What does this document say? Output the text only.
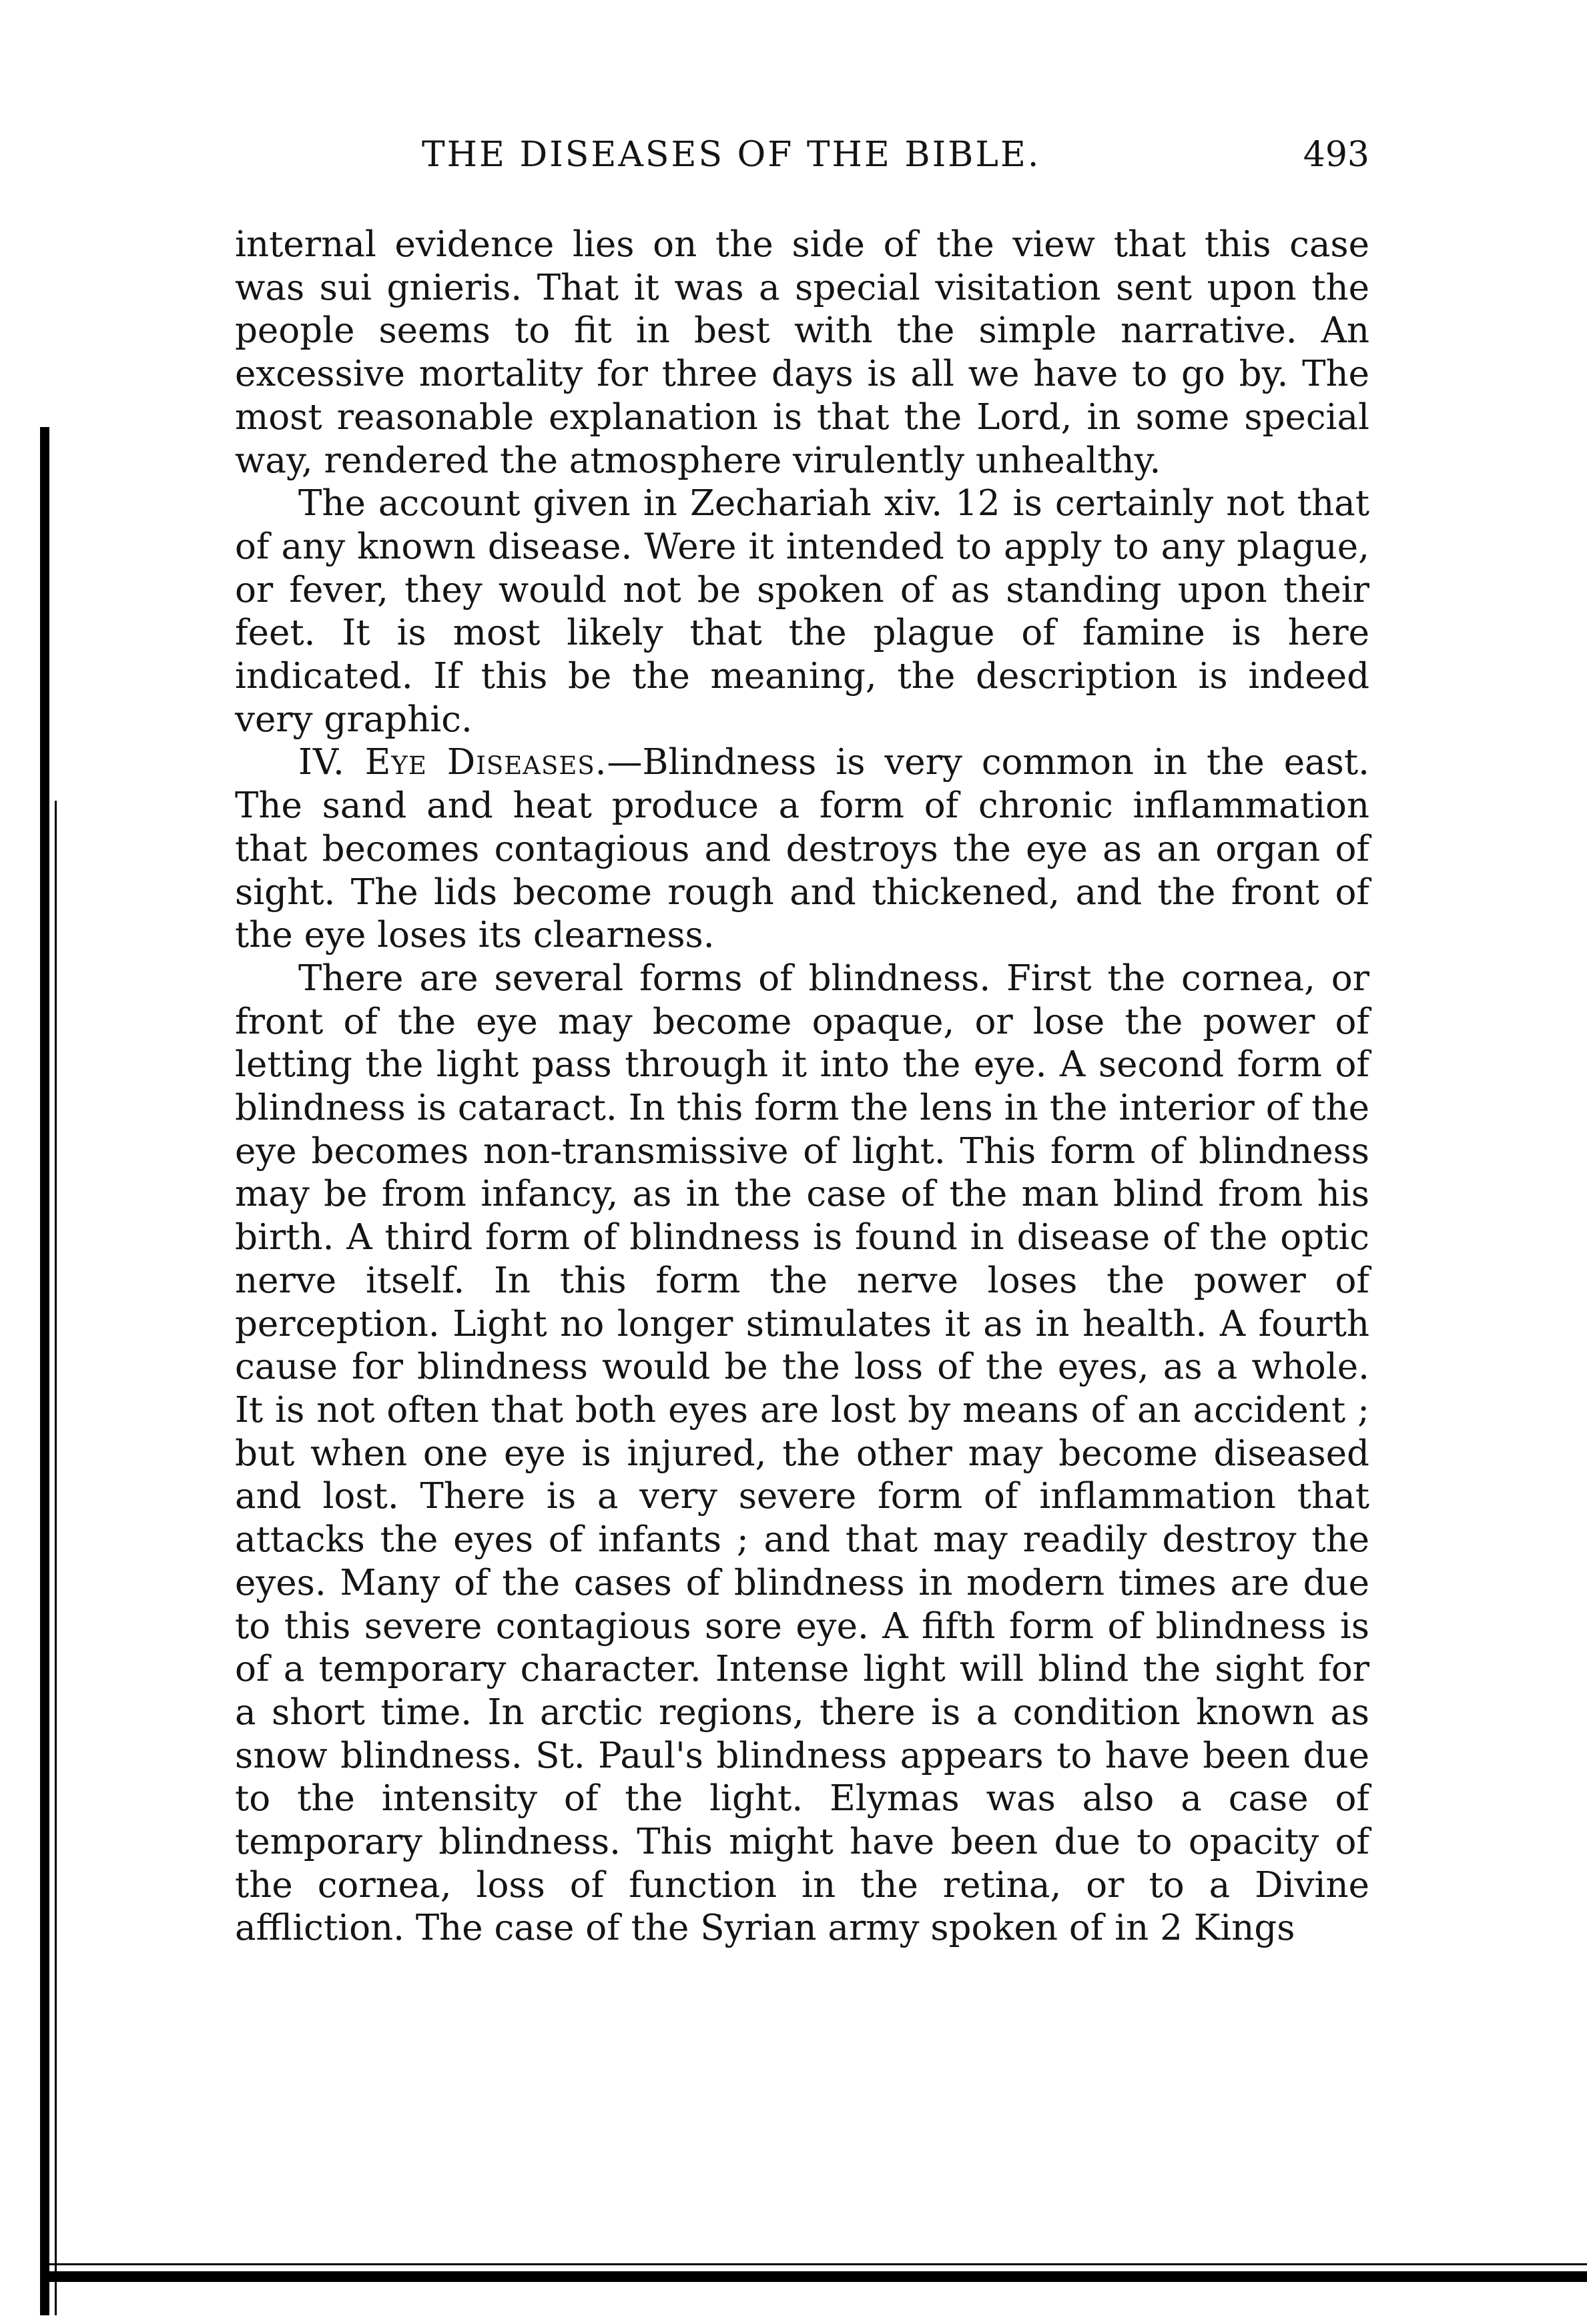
THE DISEASES OF THE BIBLE.	493

internal evidence lies on the side of the view that this case was sui gnieris. That it was a special visitation sent upon the people seems to fit in best with the simple narrative. An excessive mortality for three days is all we have to go by. The most reasonable explanation is that the Lord, in some special way, rendered the atmosphere virulently unhealthy.

The account given in Zechariah xiv. 12 is certainly not that of any known disease. Were it intended to apply to any plague, or fever, they would not be spoken of as standing upon their feet. It is most likely that the plague of famine is here indicated. If this be the meaning, the description is indeed very graphic.

IV. Eye Diseases.—Blindness is very common in the east. The sand and heat produce a form of chronic inflammation that becomes contagious and destroys the eye as an organ of sight. The lids become rough and thickened, and the front of the eye loses its clearness.

There are several forms of blindness. First the cornea, or front of the eye may become opaque, or lose the power of letting the light pass through it into the eye. A second form of blindness is cataract. In this form the lens in the interior of the eye becomes non-transmissive of light. This form of blindness may be from infancy, as in the case of the man blind from his birth. A third form of blindness is found in disease of the optic nerve itself. In this form the nerve loses the power of perception. Light no longer stimulates it as in health. A fourth cause for blindness would be the loss of the eyes, as a whole. It is not often that both eyes are lost by means of an accident ; but when one eye is injured, the other may become diseased and lost. There is a very severe form of inflammation that attacks the eyes of infants ; and that may readily destroy the eyes. Many of the cases of blindness in modern times are due to this severe contagious sore eye. A fifth form of blindness is of a temporary character. Intense light will blind the sight for a short time. In arctic regions, there is a condition known as snow blindness. St. Paul's blindness appears to have been due to the intensity of the light. Elymas was also a case of temporary blindness. This might have been due to opacity of the cornea, loss of function in the retina, or to a Divine affliction. The case of the Syrian army spoken of in 2 Kings
